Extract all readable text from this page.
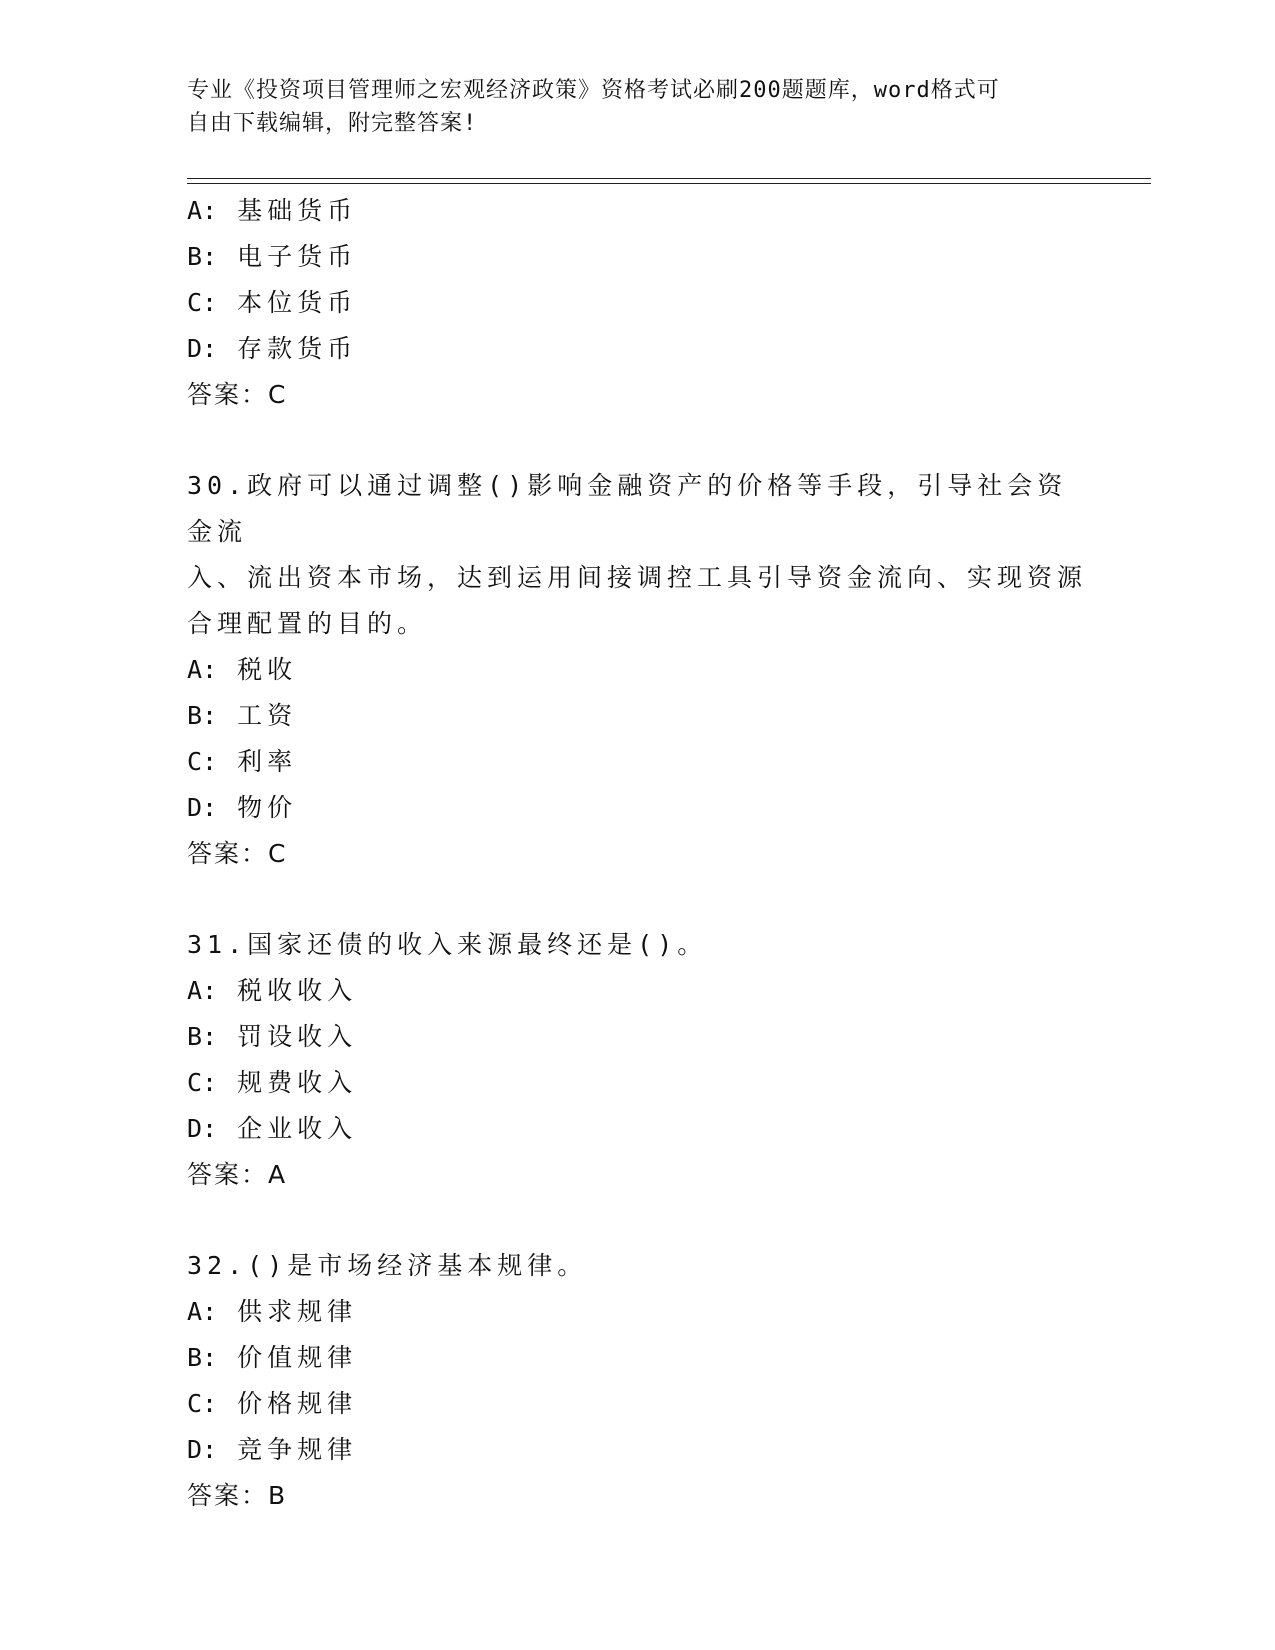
专业《投资项目管理师之宏观经济政策》资格考试必刷200题题库，word格式可
自由下载编辑，附完整答案!
A: 基础货币
B: 电子货币
C: 本位货币
D: 存款货币
答案：C
30.政府可以通过调整()影响金融资产的价格等手段，引导社会资金流
入、流出资本市场，达到运用间接调控工具引导资金流向、实现资源
合理配置的目的。
A: 税收
B: 工资
C: 利率
D: 物价
答案：C
31.国家还债的收入来源最终还是()。
A: 税收收入
B: 罚设收入
C: 规费收入
D: 企业收入
答案：A
32.()是市场经济基本规律。
A: 供求规律
B: 价值规律
C: 价格规律
D: 竞争规律
答案：B
